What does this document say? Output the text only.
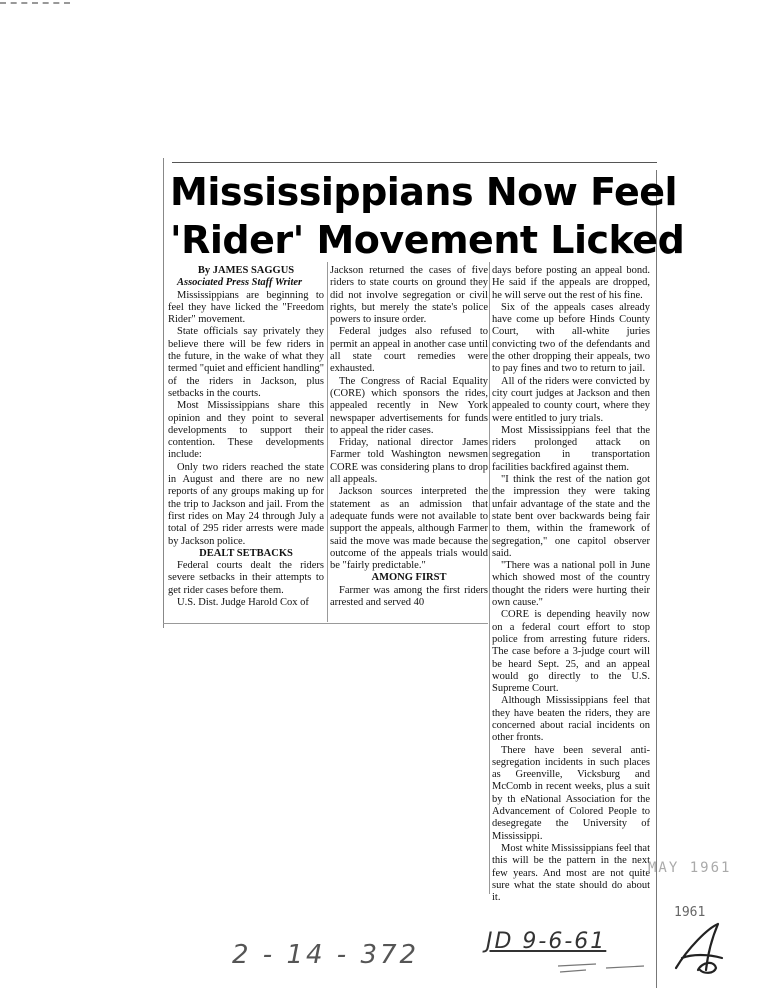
Mississippians Now Feel
'Rider' Movement Licked

By JAMES SAGGUS

Associated Press Staff Writer

Mississippians are beginning to feel they have licked the "Freedom Rider" movement.

State officials say privately they believe there will be few riders in the future, in the wake of what they termed "quiet and efficient handling" of the riders in Jackson, plus setbacks in the courts.

Most Mississippians share this opinion and they point to several developments to support their contention. These developments include:

Only two riders reached the state in August and there are no new reports of any groups making up for the trip to Jackson and jail. From the first rides on May 24 through July a total of 295 rider arrests were made by Jackson police.

DEALT SETBACKS

Federal courts dealt the riders severe setbacks in their attempts to get rider cases before them.

U.S. Dist. Judge Harold Cox of

Jackson returned the cases of five riders to state courts on ground they did not involve segregation or civil rights, but merely the state's police powers to insure order.

Federal judges also refused to permit an appeal in another case until all state court remedies were exhausted.

The Congress of Racial Equality (CORE) which sponsors the rides, appealed recently in New York newspaper advertisements for funds to appeal the rider cases.

Friday, national director James Farmer told Washington newsmen CORE was considering plans to drop all appeals.

Jackson sources interpreted the statement as an admission that adequate funds were not available to support the appeals, although Farmer said the move was made because the outcome of the appeals trials would be "fairly predictable."

AMONG FIRST

Farmer was among the first riders arrested and served 40

days before posting an appeal bond. He said if the appeals are dropped, he will serve out the rest of his fine.

Six of the appeals cases already have come up before Hinds County Court, with all-white juries convicting two of the defendants and the other dropping their appeals, two to pay fines and two to return to jail.

All of the riders were convicted by city court judges at Jackson and then appealed to county court, where they were entitled to jury trials.

Most Mississippians feel that the riders prolonged attack on segregation in transportation facilities backfired against them.

"I think the rest of the nation got the impression they were taking unfair advantage of the state and the state bent over backwards being fair to them, within the framework of segregation," one capitol observer said.

"There was a national poll in June which showed most of the country thought the riders were hurting their own cause."

CORE is depending heavily now on a federal court effort to stop police from arresting future riders. The case before a 3-judge court will be heard Sept. 25, and an appeal would go directly to the U.S. Supreme Court.

Although Mississippians feel that they have beaten the riders, they are concerned about racial incidents on other fronts.

There have been several anti-segregation incidents in such places as Greenville, Vicksburg and McComb in recent weeks, plus a suit by th eNational Association for the Advancement of Colored People to desegregate the University of Mississippi.

Most white Mississippians feel that this will be the pattern in the next few years. And most are not quite sure what the state should do about it.

MAY 1961
1961
2 - 14 - 372	JD 9-6-61
